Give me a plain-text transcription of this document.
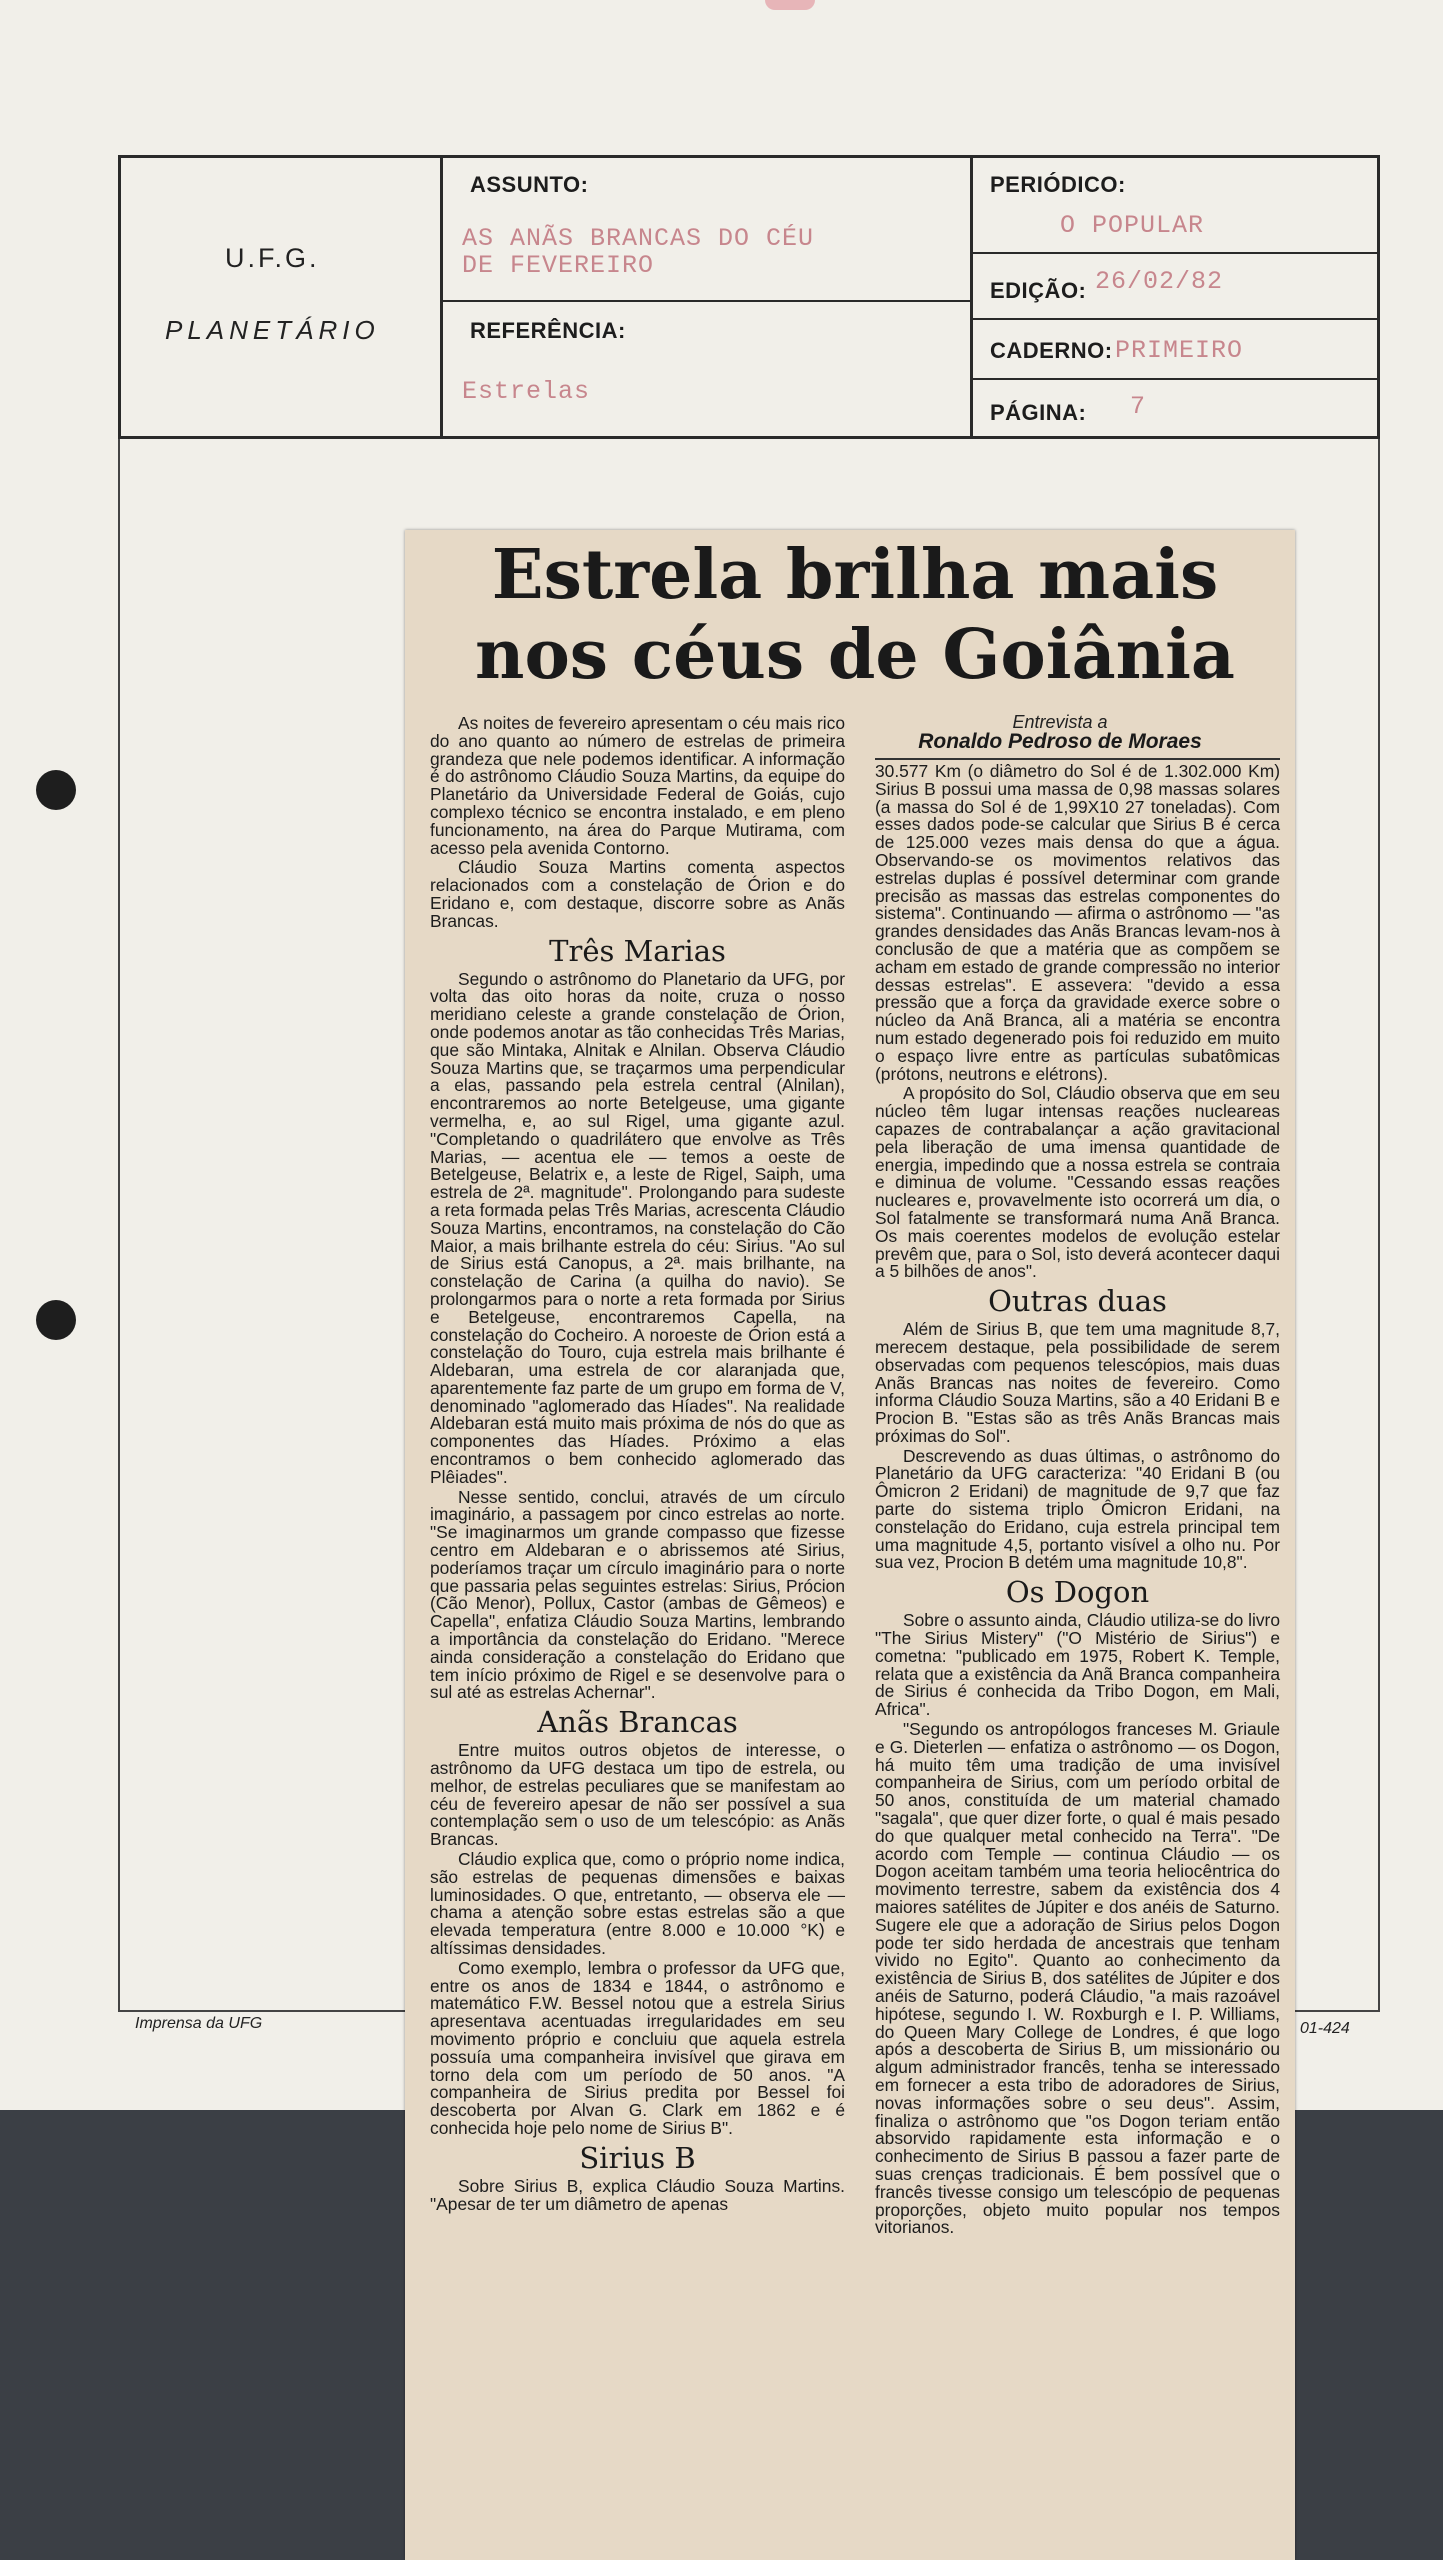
U.F.G.
PLANETÁRIO
ASSUNTO:
AS ANÃS BRANCAS DO CÉU
DE FEVEREIRO
REFERÊNCIA:
Estrelas
PERIÓDICO:
O POPULAR
EDIÇÃO: 26/02/82
CADERNO: PRIMEIRO
PÁGINA: 7
Imprensa da UFG	01-424
Estrela brilha mais
nos céus de Goiânia
Entrevista a
Ronaldo Pedroso de Moraes

As noites de fevereiro apresentam o céu mais rico do ano quanto ao número de estrelas de primeira grandeza que nele podemos identificar. A informação é do astrônomo Cláudio Souza Martins, da equipe do Planetário da Universidade Federal de Goiás, cujo complexo técnico se encontra instalado, e em pleno funcionamento, na área do Parque Mutirama, com acesso pela avenida Contorno.

Cláudio Souza Martins comenta aspectos relacionados com a constelação de Órion e do Eridano e, com destaque, discorre sobre as Anãs Brancas.

Três Marias

Segundo o astrônomo do Planetario da UFG, por volta das oito horas da noite, cruza o nosso meridiano celeste a grande constelação de Órion, onde podemos anotar as tão conhecidas Três Marias, que são Mintaka, Alnitak e Alnilan. Observa Cláudio Souza Martins que, se traçarmos uma perpendicular a elas, passando pela estrela central (Alnilan), encontraremos ao norte Betelgeuse, uma gigante vermelha, e, ao sul Rigel, uma gigante azul. "Completando o quadrilátero que envolve as Três Marias, — acentua ele — temos a oeste de Betelgeuse, Belatrix e, a leste de Rigel, Saiph, uma estrela de 2ª. magnitude". Prolongando para sudeste a reta formada pelas Três Marias, acrescenta Cláudio Souza Martins, encontramos, na constelação do Cão Maior, a mais brilhante estrela do céu: Sirius. "Ao sul de Sirius está Canopus, a 2ª. mais brilhante, na constelação de Carina (a quilha do navio). Se prolongarmos para o norte a reta formada por Sirius e Betelgeuse, encontraremos Capella, na constelação do Cocheiro. A noroeste de Órion está a constelação do Touro, cuja estrela mais brilhante é Aldebaran, uma estrela de cor alaranjada que, aparentemente faz parte de um grupo em forma de V, denominado "aglomerado das Híades". Na realidade Aldebaran está muito mais próxima de nós do que as componentes das Híades. Próximo a elas encontramos o bem conhecido aglomerado das Plêiades".

Nesse sentido, conclui, através de um círculo imaginário, a passagem por cinco estrelas ao norte. "Se imaginarmos um grande compasso que fizesse centro em Aldebaran e o abrissemos até Sirius, poderíamos traçar um círculo imaginário para o norte que passaria pelas seguintes estrelas: Sirius, Prócion (Cão Menor), Pollux, Castor (ambas de Gêmeos) e Capella", enfatiza Cláudio Souza Martins, lembrando a importância da constelação do Eridano. "Merece ainda consideração a constelação do Eridano que tem início próximo de Rigel e se desenvolve para o sul até as estrelas Achernar".

Anãs Brancas

Entre muitos outros objetos de interesse, o astrônomo da UFG destaca um tipo de estrela, ou melhor, de estrelas peculiares que se manifestam ao céu de fevereiro apesar de não ser possível a sua contemplação sem o uso de um telescópio: as Anãs Brancas.

Cláudio explica que, como o próprio nome indica, são estrelas de pequenas dimensões e baixas luminosidades. O que, entretanto, — observa ele — chama a atenção sobre estas estrelas são a que elevada temperatura (entre 8.000 e 10.000 °K) e altíssimas densidades.

Como exemplo, lembra o professor da UFG que, entre os anos de 1834 e 1844, o astrônomo e matemático F.W. Bessel notou que a estrela Sirius apresentava acentuadas irregularidades em seu movimento próprio e concluiu que aquela estrela possuía uma companheira invisível que girava em torno dela com um período de 50 anos. "A companheira de Sirius predita por Bessel foi descoberta por Alvan G. Clark em 1862 e é conhecida hoje pelo nome de Sirius B".

Sirius B

Sobre Sirius B, explica Cláudio Souza Martins. "Apesar de ter um diâmetro de apenas

30.577 Km (o diâmetro do Sol é de 1.302.000 Km) Sirius B possui uma massa de 0,98 massas solares (a massa do Sol é de 1,99X10 27 toneladas). Com esses dados pode-se calcular que Sirius B é cerca de 125.000 vezes mais densa do que a água. Observando-se os movimentos relativos das estrelas duplas é possível determinar com grande precisão as massas das estrelas componentes do sistema". Continuando — afirma o astrônomo — "as grandes densidades das Anãs Brancas levam-nos à conclusão de que a matéria que as compõem se acham em estado de grande compressão no interior dessas estrelas". E assevera: "devido a essa pressão que a força da gravidade exerce sobre o núcleo da Anã Branca, ali a matéria se encontra num estado degenerado pois foi reduzido em muito o espaço livre entre as partículas subatômicas (prótons, neutrons e elétrons).

A propósito do Sol, Cláudio observa que em seu núcleo têm lugar intensas reações nucleareas capazes de contrabalançar a ação gravitacional pela liberação de uma imensa quantidade de energia, impedindo que a nossa estrela se contraia e diminua de volume. "Cessando essas reações nucleares e, provavelmente isto ocorrerá um dia, o Sol fatalmente se transformará numa Anã Branca. Os mais coerentes modelos de evolução estelar prevêm que, para o Sol, isto deverá acontecer daqui a 5 bilhões de anos".

Outras duas

Além de Sirius B, que tem uma magnitude 8,7, merecem destaque, pela possibilidade de serem observadas com pequenos telescópios, mais duas Anãs Brancas nas noites de fevereiro. Como informa Cláudio Souza Martins, são a 40 Eridani B e Procion B. "Estas são as três Anãs Brancas mais próximas do Sol".

Descrevendo as duas últimas, o astrônomo do Planetário da UFG caracteriza: "40 Eridani B (ou Ômicron 2 Eridani) de magnitude de 9,7 que faz parte do sistema triplo Ômicron Eridani, na constelação do Eridano, cuja estrela principal tem uma magnitude 4,5, portanto visível a olho nu. Por sua vez, Procion B detém uma magnitude 10,8".

Os Dogon

Sobre o assunto ainda, Cláudio utiliza-se do livro "The Sirius Mistery" ("O Mistério de Sirius") e cometna: "publicado em 1975, Robert K. Temple, relata que a existência da Anã Branca companheira de Sirius é conhecida da Tribo Dogon, em Mali, Africa".

"Segundo os antropólogos franceses M. Griaule e G. Dieterlen — enfatiza o astrônomo — os Dogon, há muito têm uma tradição de uma invisível companheira de Sirius, com um período orbital de 50 anos, constituída de um material chamado "sagala", que quer dizer forte, o qual é mais pesado do que qualquer metal conhecido na Terra". "De acordo com Temple — continua Cláudio — os Dogon aceitam também uma teoria heliocêntrica do movimento terrestre, sabem da existência dos 4 maiores satélites de Júpiter e dos anéis de Saturno. Sugere ele que a adoração de Sirius pelos Dogon pode ter sido herdada de ancestrais que tenham vivido no Egito". Quanto ao conhecimento da existência de Sirius B, dos satélites de Júpiter e dos anéis de Saturno, poderá Cláudio, "a mais razoável hipótese, segundo I. W. Roxburgh e I. P. Williams, do Queen Mary College de Londres, é que logo após a descoberta de Sirius B, um missionário ou algum administrador francês, tenha se interessado em fornecer a esta tribo de adoradores de Sirius, novas informações sobre o seu deus". Assim, finaliza o astrônomo que "os Dogon teriam então absorvido rapidamente esta informação e o conhecimento de Sirius B passou a fazer parte de suas crenças tradicionais. É bem possível que o francês tivesse consigo um telescópio de pequenas proporções, objeto muito popular nos tempos vitorianos.
